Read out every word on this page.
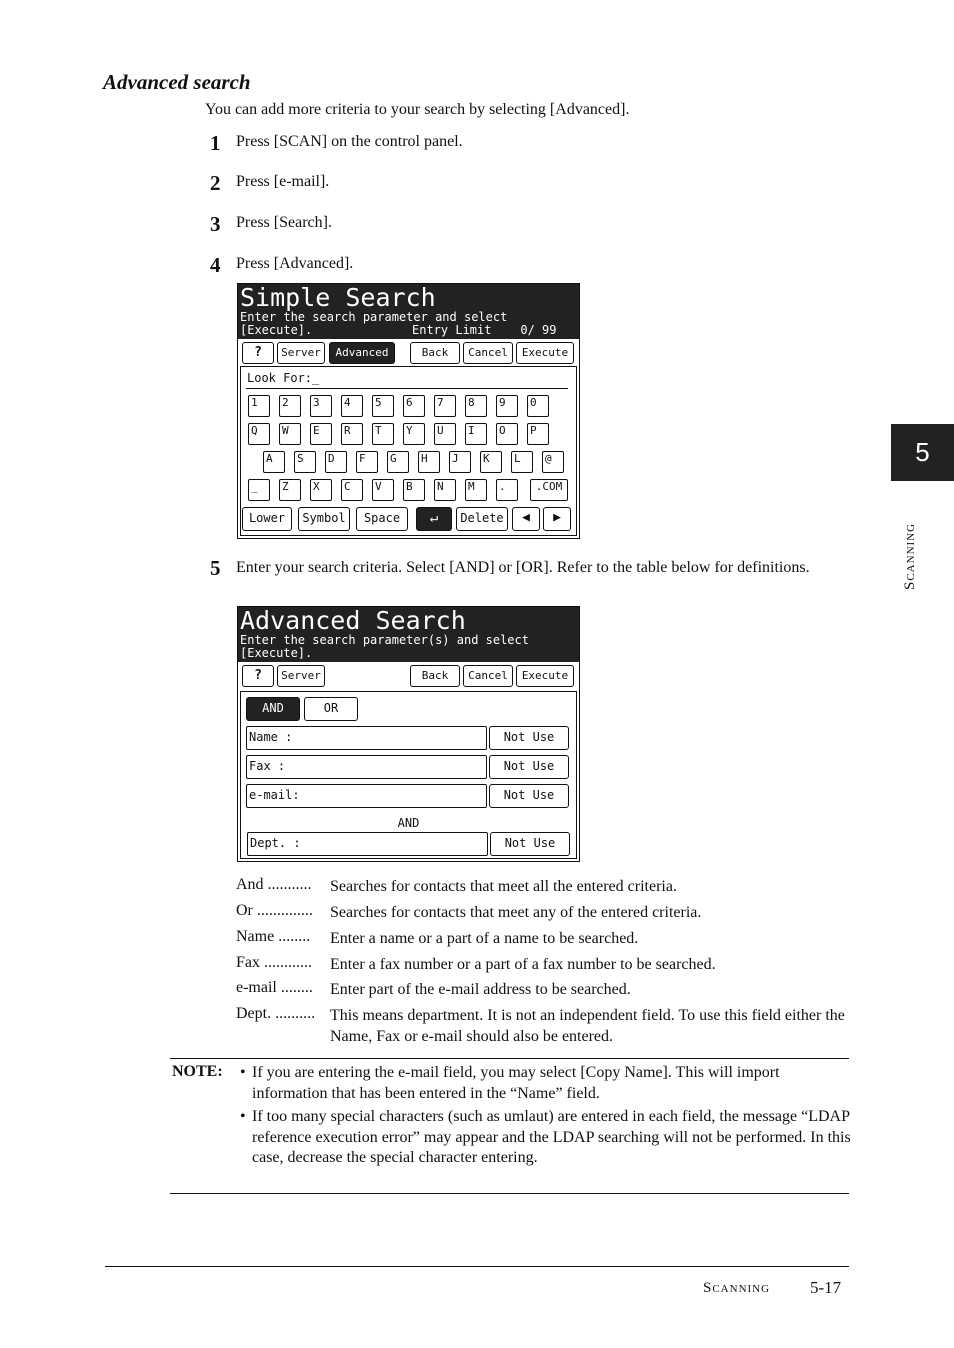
Advanced search
You can add more criteria to your search by selecting [Advanced].
1 Press [SCAN] on the control panel.
2 Press [e-mail].
3 Press [Search].
4 Press [Advanced].
Simple Search
Enter the search parameter and select
[Execute].	Entry Limit    0/ 99
?	Server	Advanced	Back	Cancel	Execute
Look For:_
1	2	3	4	5	6	7	8	9	0
Q	W	E	R	T	Y	U	I	O	P
A	S	D	F	G	H	J	K	L	@
_	Z	X	C	V	B	N	M	.	.COM
Lower	Symbol	Space	↵	Delete	◀	▶
5 Enter your search criteria. Select [AND] or [OR]. Refer to the table below for definitions.
Advanced Search
Enter the search parameter(s) and select
[Execute].
?	Server	Back	Cancel	Execute
AND	OR
Name :	Not Use
Fax :	Not Use
e-mail:	Not Use
AND
Dept. :	Not Use
And ........... Searches for contacts that meet all the entered criteria.
Or .............. Searches for contacts that meet any of the entered criteria.
Name ........ Enter a name or a part of a name to be searched.
Fax ............ Enter a fax number or a part of a fax number to be searched.
e-mail ........ Enter part of the e-mail address to be searched.
Dept. .......... This means department. It is not an independent field. To use this field either the Name, Fax or e-mail should also be entered.
NOTE: • If you are entering the e-mail field, you may select [Copy Name]. This will import information that has been entered in the “Name” field.
• If too many special characters (such as umlaut) are entered in each field, the message “LDAP reference execution error” may appear and the LDAP searching will not be performed. In this case, decrease the special character entering.
5
Scanning
Scanning 5-17
